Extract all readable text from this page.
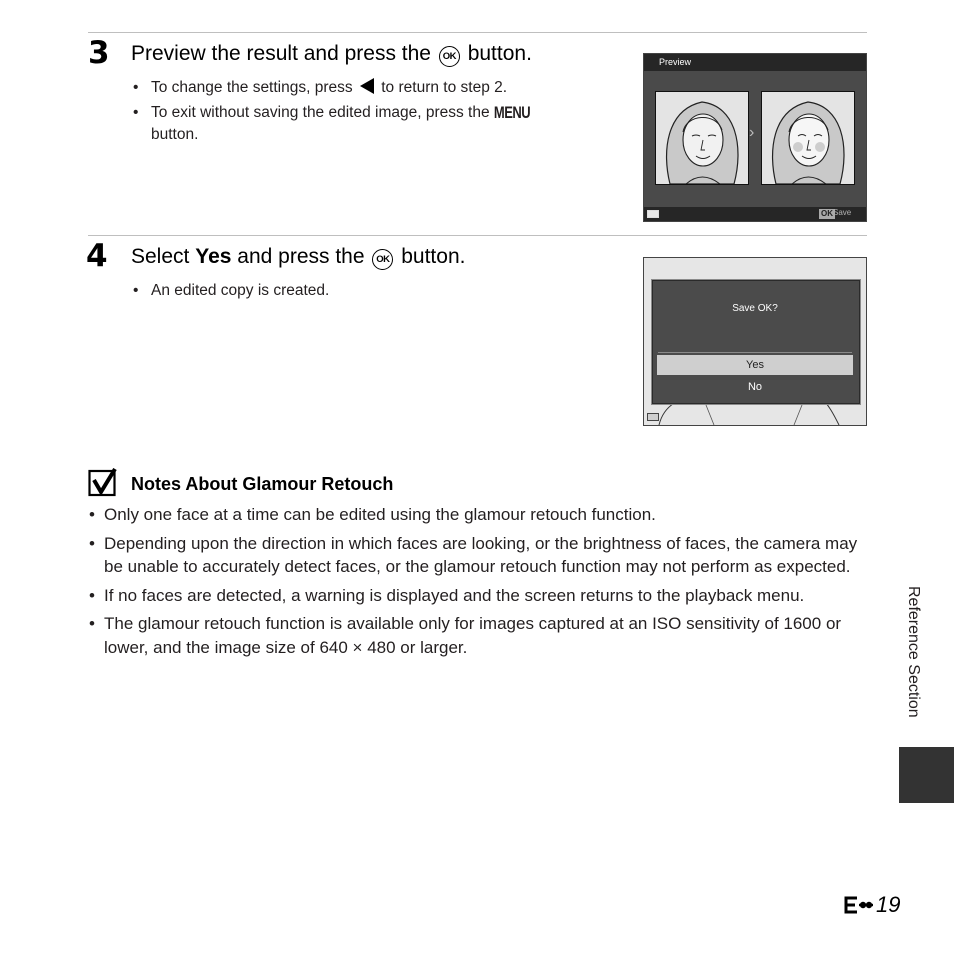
3 Preview the result and press the OK button.
• To change the settings, press to return to step 2.
• To exit without saving the edited image, press the MENU
button.
Preview
›
OK Save
4 Select Yes and press the OK button.
• An edited copy is created.
Save OK?
Yes
No
Notes About Glamour Retouch
• Only one face at a time can be edited using the glamour retouch function.
• Depending upon the direction in which faces are looking, or the brightness of faces, the camera may be unable to accurately detect faces, or the glamour retouch function may not perform as expected.
• If no faces are detected, a warning is displayed and the screen returns to the playback menu.
• The glamour retouch function is available only for images captured at an ISO sensitivity of 1600 or lower, and the image size of 640 × 480 or larger.	Reference Section
19
